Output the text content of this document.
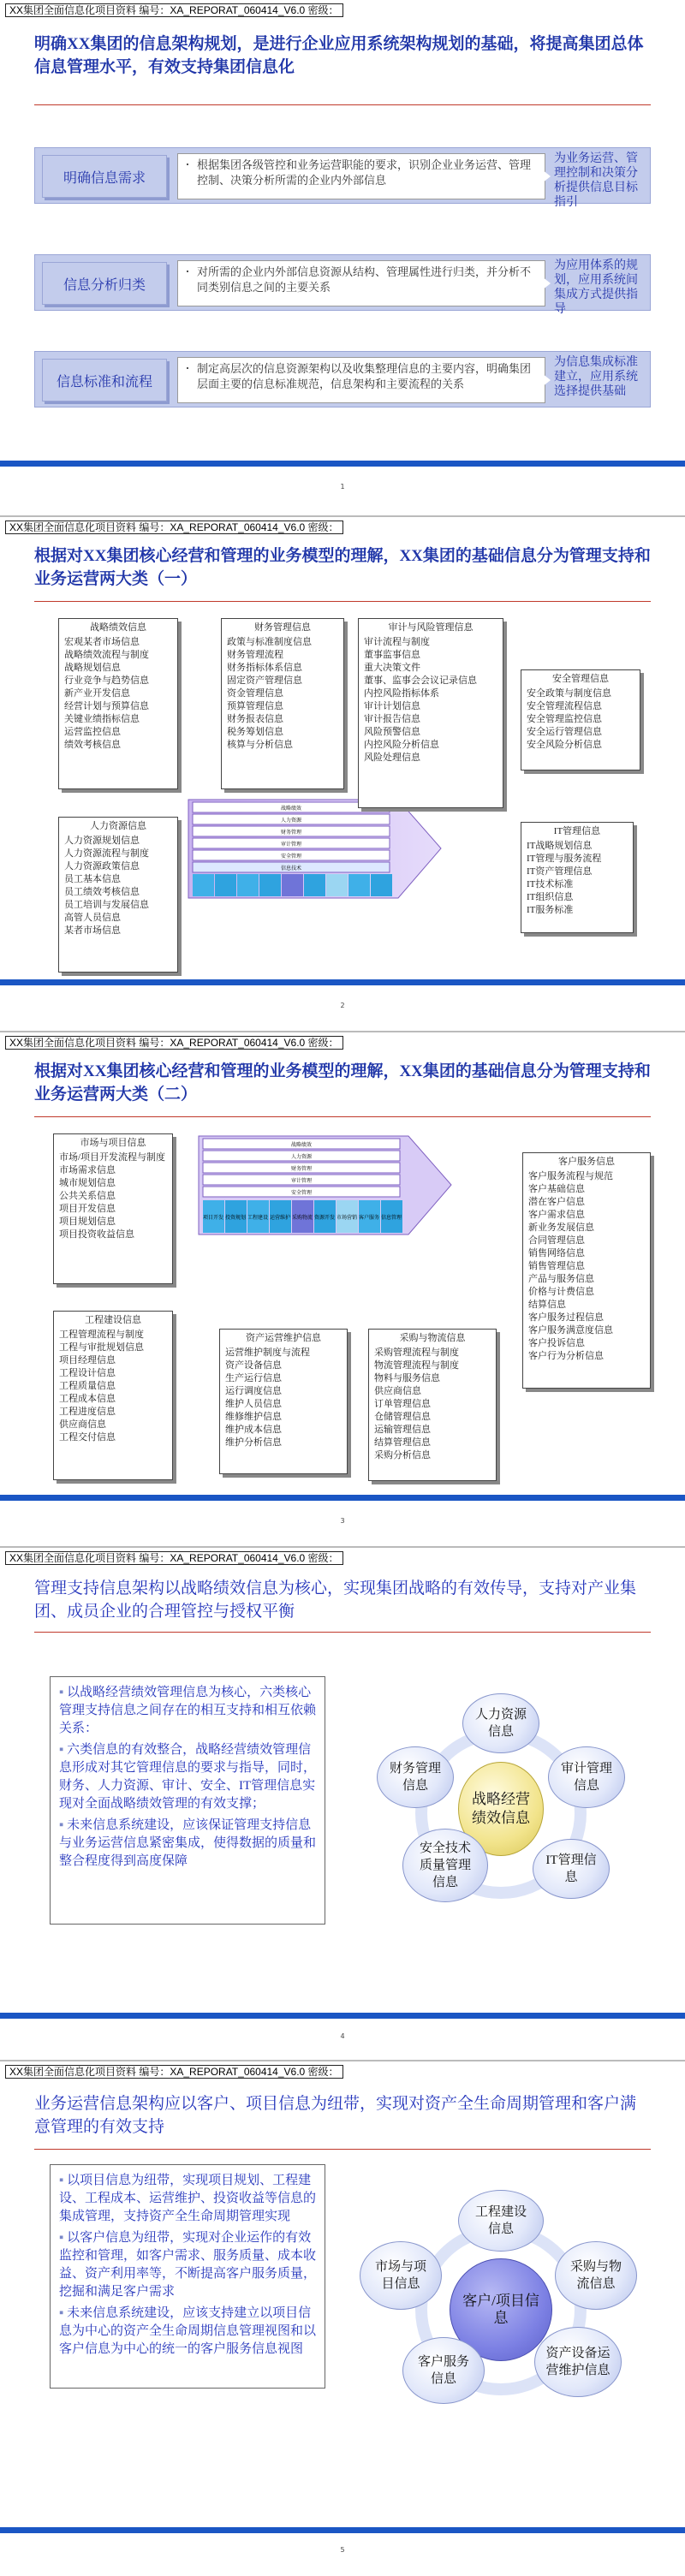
XX集团全面信息化项目资料 编号：XA_REPORAT_060414_V6.0 密级：
明确XX集团的信息架构规划，是进行企业应用系统架构规划的基础，将提高集团总体信息管理水平，有效支持集团信息化
明确信息需求
· 根据集团各级管控和业务运营职能的要求，识别企业业务运营、管理控制、决策分析所需的企业内外部信息
为业务运营、管理控制和决策分析提供信息目标指引
信息分析归类
· 对所需的企业内外部信息资源从结构、管理属性进行归类，并分析不同类别信息之间的主要关系
为应用体系的规划，应用系统间集成方式提供指导
信息标准和流程
· 制定高层次的信息资源架构以及收集整理信息的主要内容，明确集团层面主要的信息标准规范，信息架构和主要流程的关系
为信息集成标准建立，应用系统选择提供基础
1
XX集团全面信息化项目资料 编号：XA_REPORAT_060414_V6.0 密级：
根据对XX集团核心经营和管理的业务模型的理解，XX集团的基础信息分为管理支持和业务运营两大类（一）
战略绩效
人力资源
财务管理
审计管理
安全管理
信息技术
战略绩效信息
宏观某者市场信息
战略绩效流程与制度
战略规划信息
行业竞争与趋势信息
新产业开发信息
经营计划与预算信息
关键业绩指标信息
运营监控信息
绩效考核信息
财务管理信息
政策与标准制度信息
财务管理流程
财务指标体系信息
固定资产管理信息
资金管理信息
预算管理信息
财务报表信息
税务筹划信息
核算与分析信息
审计与风险管理信息
审计流程与制度
董事监事信息
重大决策文件
董事、监事会会议记录信息
内控风险指标体系
审计计划信息
审计报告信息
风险预警信息
内控风险分析信息
风险处理信息
安全管理信息
安全政策与制度信息
安全管理流程信息
安全管理监控信息
安全运行管理信息
安全风险分析信息
人力资源信息
人力资源规划信息
人力资源流程与制度
人力资源政策信息
员工基本信息
员工绩效考核信息
员工培训与发展信息
高管人员信息
某者市场信息
IT管理信息
IT战略规划信息
IT管理与服务流程
IT资产管理信息
IT技术标准
IT组织信息
IT服务标准
2
XX集团全面信息化项目资料 编号：XA_REPORAT_060414_V6.0 密级：
根据对XX集团核心经营和管理的业务模型的理解，XX集团的基础信息分为管理支持和业务运营两大类（二）
战略绩效
人力资源
财务管理
审计管理
安全管理
项目开发 投资规划 工程建设 运营维护 采购物流 资源开发 市场营销 客户服务 信息管理
市场与项目信息
市场/项目开发流程与制度
市场需求信息
城市规划信息
公共关系信息
项目开发信息
项目规划信息
项目投资收益信息
客户服务信息
客户服务流程与规范
客户基础信息
潜在客户信息
客户需求信息
新业务发展信息
合同管理信息
销售网络信息
销售管理信息
产品与服务信息
价格与计费信息
结算信息
客户服务过程信息
客户服务满意度信息
客户投诉信息
客户行为分析信息
工程建设信息
工程管理流程与制度
工程与审批规划信息
项目经理信息
工程设计信息
工程质量信息
工程成本信息
工程进度信息
供应商信息
工程交付信息
资产运营维护信息
运营维护制度与流程
资产设备信息
生产运行信息
运行调度信息
维护人员信息
维修维护信息
维护成本信息
维护分析信息
采购与物流信息
采购管理流程与制度
物流管理流程与制度
物料与服务信息
供应商信息
订单管理信息
仓储管理信息
运输管理信息
结算管理信息
采购分析信息
3
XX集团全面信息化项目资料 编号：XA_REPORAT_060414_V6.0 密级：
管理支持信息架构以战略绩效信息为核心，实现集团战略的有效传导，支持对产业集团、成员企业的合理管控与授权平衡

▪ 以战略经营绩效管理信息为核心，六类核心管理支持信息之间存在的相互支持和相互依赖关系：

▪ 六类信息的有效整合，战略经营绩效管理信息形成对其它管理信息的要求与指导，同时，财务、人力资源、审计、安全、IT管理信息实现对全面战略绩效管理的有效支撑；

▪ 未来信息系统建设，应该保证管理支持信息与业务运营信息紧密集成，使得数据的质量和整合程度得到高度保障

战略经营绩效信息
人力资源信息
审计管理信息
IT管理信息
安全技术质量管理信息
财务管理信息
4
XX集团全面信息化项目资料 编号：XA_REPORAT_060414_V6.0 密级：
业务运营信息架构应以客户、项目信息为纽带，实现对资产全生命周期管理和客户满意管理的有效支持

▪ 以项目信息为纽带，实现项目规划、工程建设、工程成本、运营维护、投资收益等信息的集成管理，支持资产全生命周期管理实现

▪ 以客户信息为纽带，实现对企业运作的有效监控和管理，如客户需求、服务质量、成本收益、资产利用率等，不断提高客户服务质量，挖掘和满足客户需求

▪ 未来信息系统建设，应该支持建立以项目信息为中心的资产全生命周期信息管理视图和以客户信息为中心的统一的客户服务信息视图

客户/项目信息
工程建设信息
采购与物流信息
资产设备运营维护信息
客户服务信息
市场与项目信息
5
